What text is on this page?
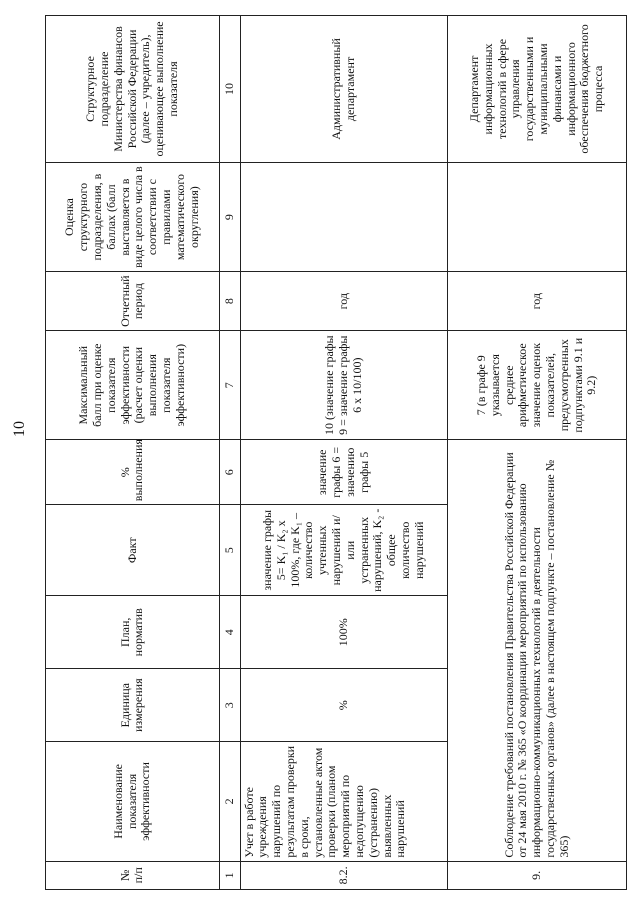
10
№ п/п	Наименование показателя эффективности	Единица измерения	План, норматив	Факт	% выполнения	Максимальный балл при оценке показателя эффективности (расчет оценки выполнения показателя эффективности)	Отчетный период	Оценка структурного подразделения, в баллах (балл выставляется в виде целого числа в соответствии с правилами математического округления)	Структурное подразделение Министерства финансов Российской Федерации (далее – учредитель), оценивающее выполнение показателя
1	2	3	4	5	6	7	8	9	10
8.2.	Учет в работе учреждения нарушений по результатам проверки в сроки, установленные актом проверки (планом мероприятий по недопущению (устранению) выявленных нарушений	%	100%	значение графы 5= K₁ / K₂ x 100%, где K₁ – количество учтенных нарушений и/или устраненных нарушений, K₂ - общее количество нарушений	значение графы 6 = значению графы 5	10 (значение графы 9 = значение графы 6 х 10/100)	год		Административный департамент
9.	Соблюдение требований постановления Правительства Российской Федерации от 24 мая 2010 г. № 365 «О координации мероприятий по использованию информационно-коммуникационных технологий в деятельности государственных органов» (далее в настоящем подпункте – постановление № 365)					7 (в графе 9 указывается среднее арифметическое значение оценок показателей, предусмотренных подпунктами 9.1 и 9.2)	год		Департамент информационных технологий в сфере управления государственными и муниципальными финансами и информационного обеспечения бюджетного процесса
